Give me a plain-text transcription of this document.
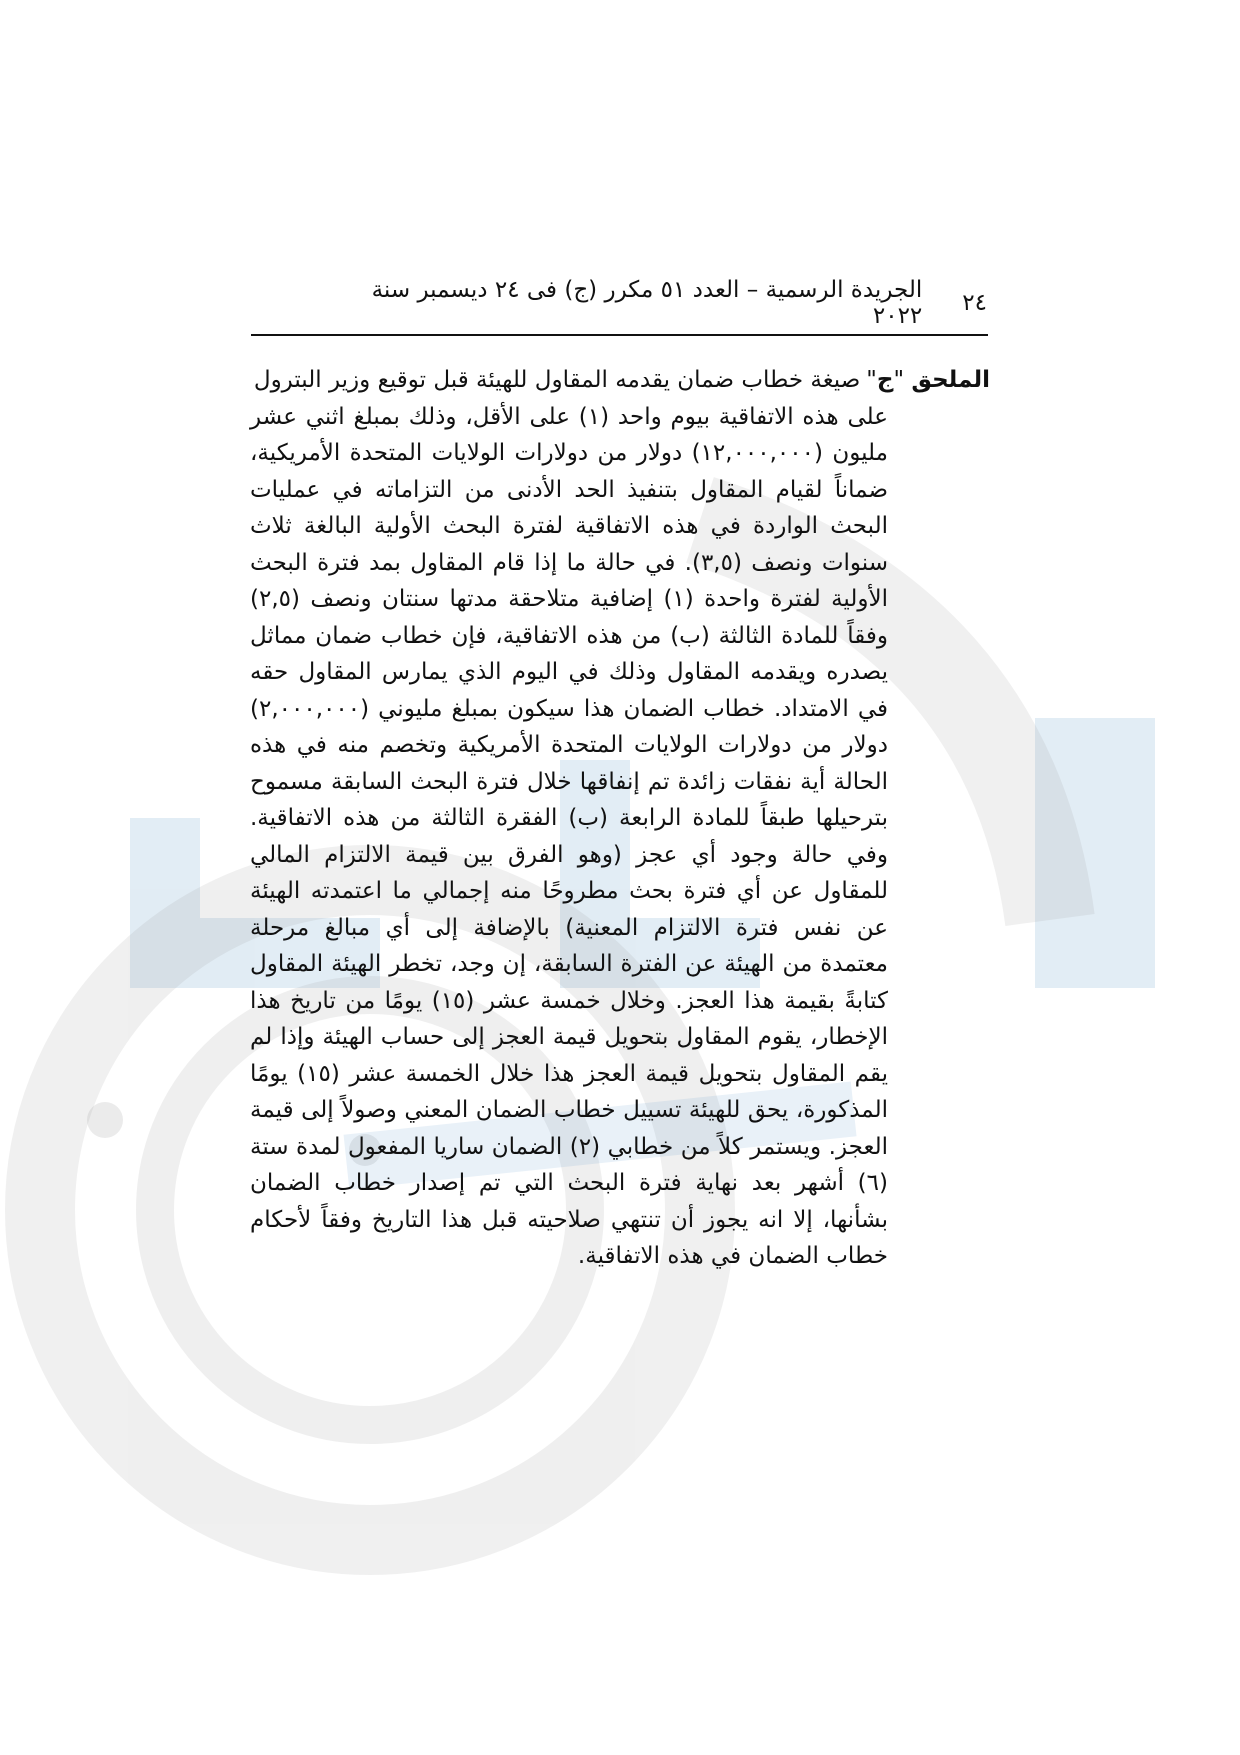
٢٤
الجريدة الرسمية – العدد ٥١ مكرر (ج) فى ٢٤ ديسمبر سنة ٢٠٢٢
الملحق
"ج"
صيغة خطاب ضمان يقدمه المقاول للهيئة قبل توقيع وزير البترول
على هذه الاتفاقية بيوم واحد (١) على الأقل، وذلك بمبلغ اثني عشر مليون (١٢,٠٠٠,٠٠٠) دولار من دولارات الولايات المتحدة الأمريكية، ضماناً لقيام المقاول بتنفيذ الحد الأدنى من التزاماته في عمليات البحث الواردة في هذه الاتفاقية لفترة البحث الأولية البالغة ثلاث سنوات ونصف (٣,٥). في حالة ما إذا قام المقاول بمد فترة البحث الأولية لفترة واحدة (١) إضافية متلاحقة مدتها سنتان ونصف (٢,٥) وفقاً للمادة الثالثة (ب) من هذه الاتفاقية، فإن خطاب ضمان مماثل يصدره ويقدمه المقاول وذلك في اليوم الذي يمارس المقاول حقه في الامتداد. خطاب الضمان هذا سيكون بمبلغ مليوني (٢,٠٠٠,٠٠٠) دولار من دولارات الولايات المتحدة الأمريكية وتخصم منه في هذه الحالة أية نفقات زائدة تم إنفاقها خلال فترة البحث السابقة مسموح بترحيلها طبقاً للمادة الرابعة (ب) الفقرة الثالثة من هذه الاتفاقية. وفي حالة وجود أي عجز (وهو الفرق بين قيمة الالتزام المالي للمقاول عن أي فترة بحث مطروحًا منه إجمالي ما اعتمدته الهيئة عن نفس فترة الالتزام المعنية) بالإضافة إلى أي مبالغ مرحلة معتمدة من الهيئة عن الفترة السابقة، إن وجد، تخطر الهيئة المقاول كتابةً بقيمة هذا العجز. وخلال خمسة عشر (١٥) يومًا من تاريخ هذا الإخطار، يقوم المقاول بتحويل قيمة العجز إلى حساب الهيئة وإذا لم يقم المقاول بتحويل قيمة العجز هذا خلال الخمسة عشر (١٥) يومًا المذكورة، يحق للهيئة تسييل خطاب الضمان المعني وصولاً إلى قيمة العجز. ويستمر كلاً من خطابي (٢) الضمان ساريا المفعول لمدة ستة (٦) أشهر بعد نهاية فترة البحث التي تم إصدار خطاب الضمان بشأنها، إلا انه يجوز أن تنتهي صلاحيته قبل هذا التاريخ وفقاً لأحكام خطاب الضمان في هذه الاتفاقية.
